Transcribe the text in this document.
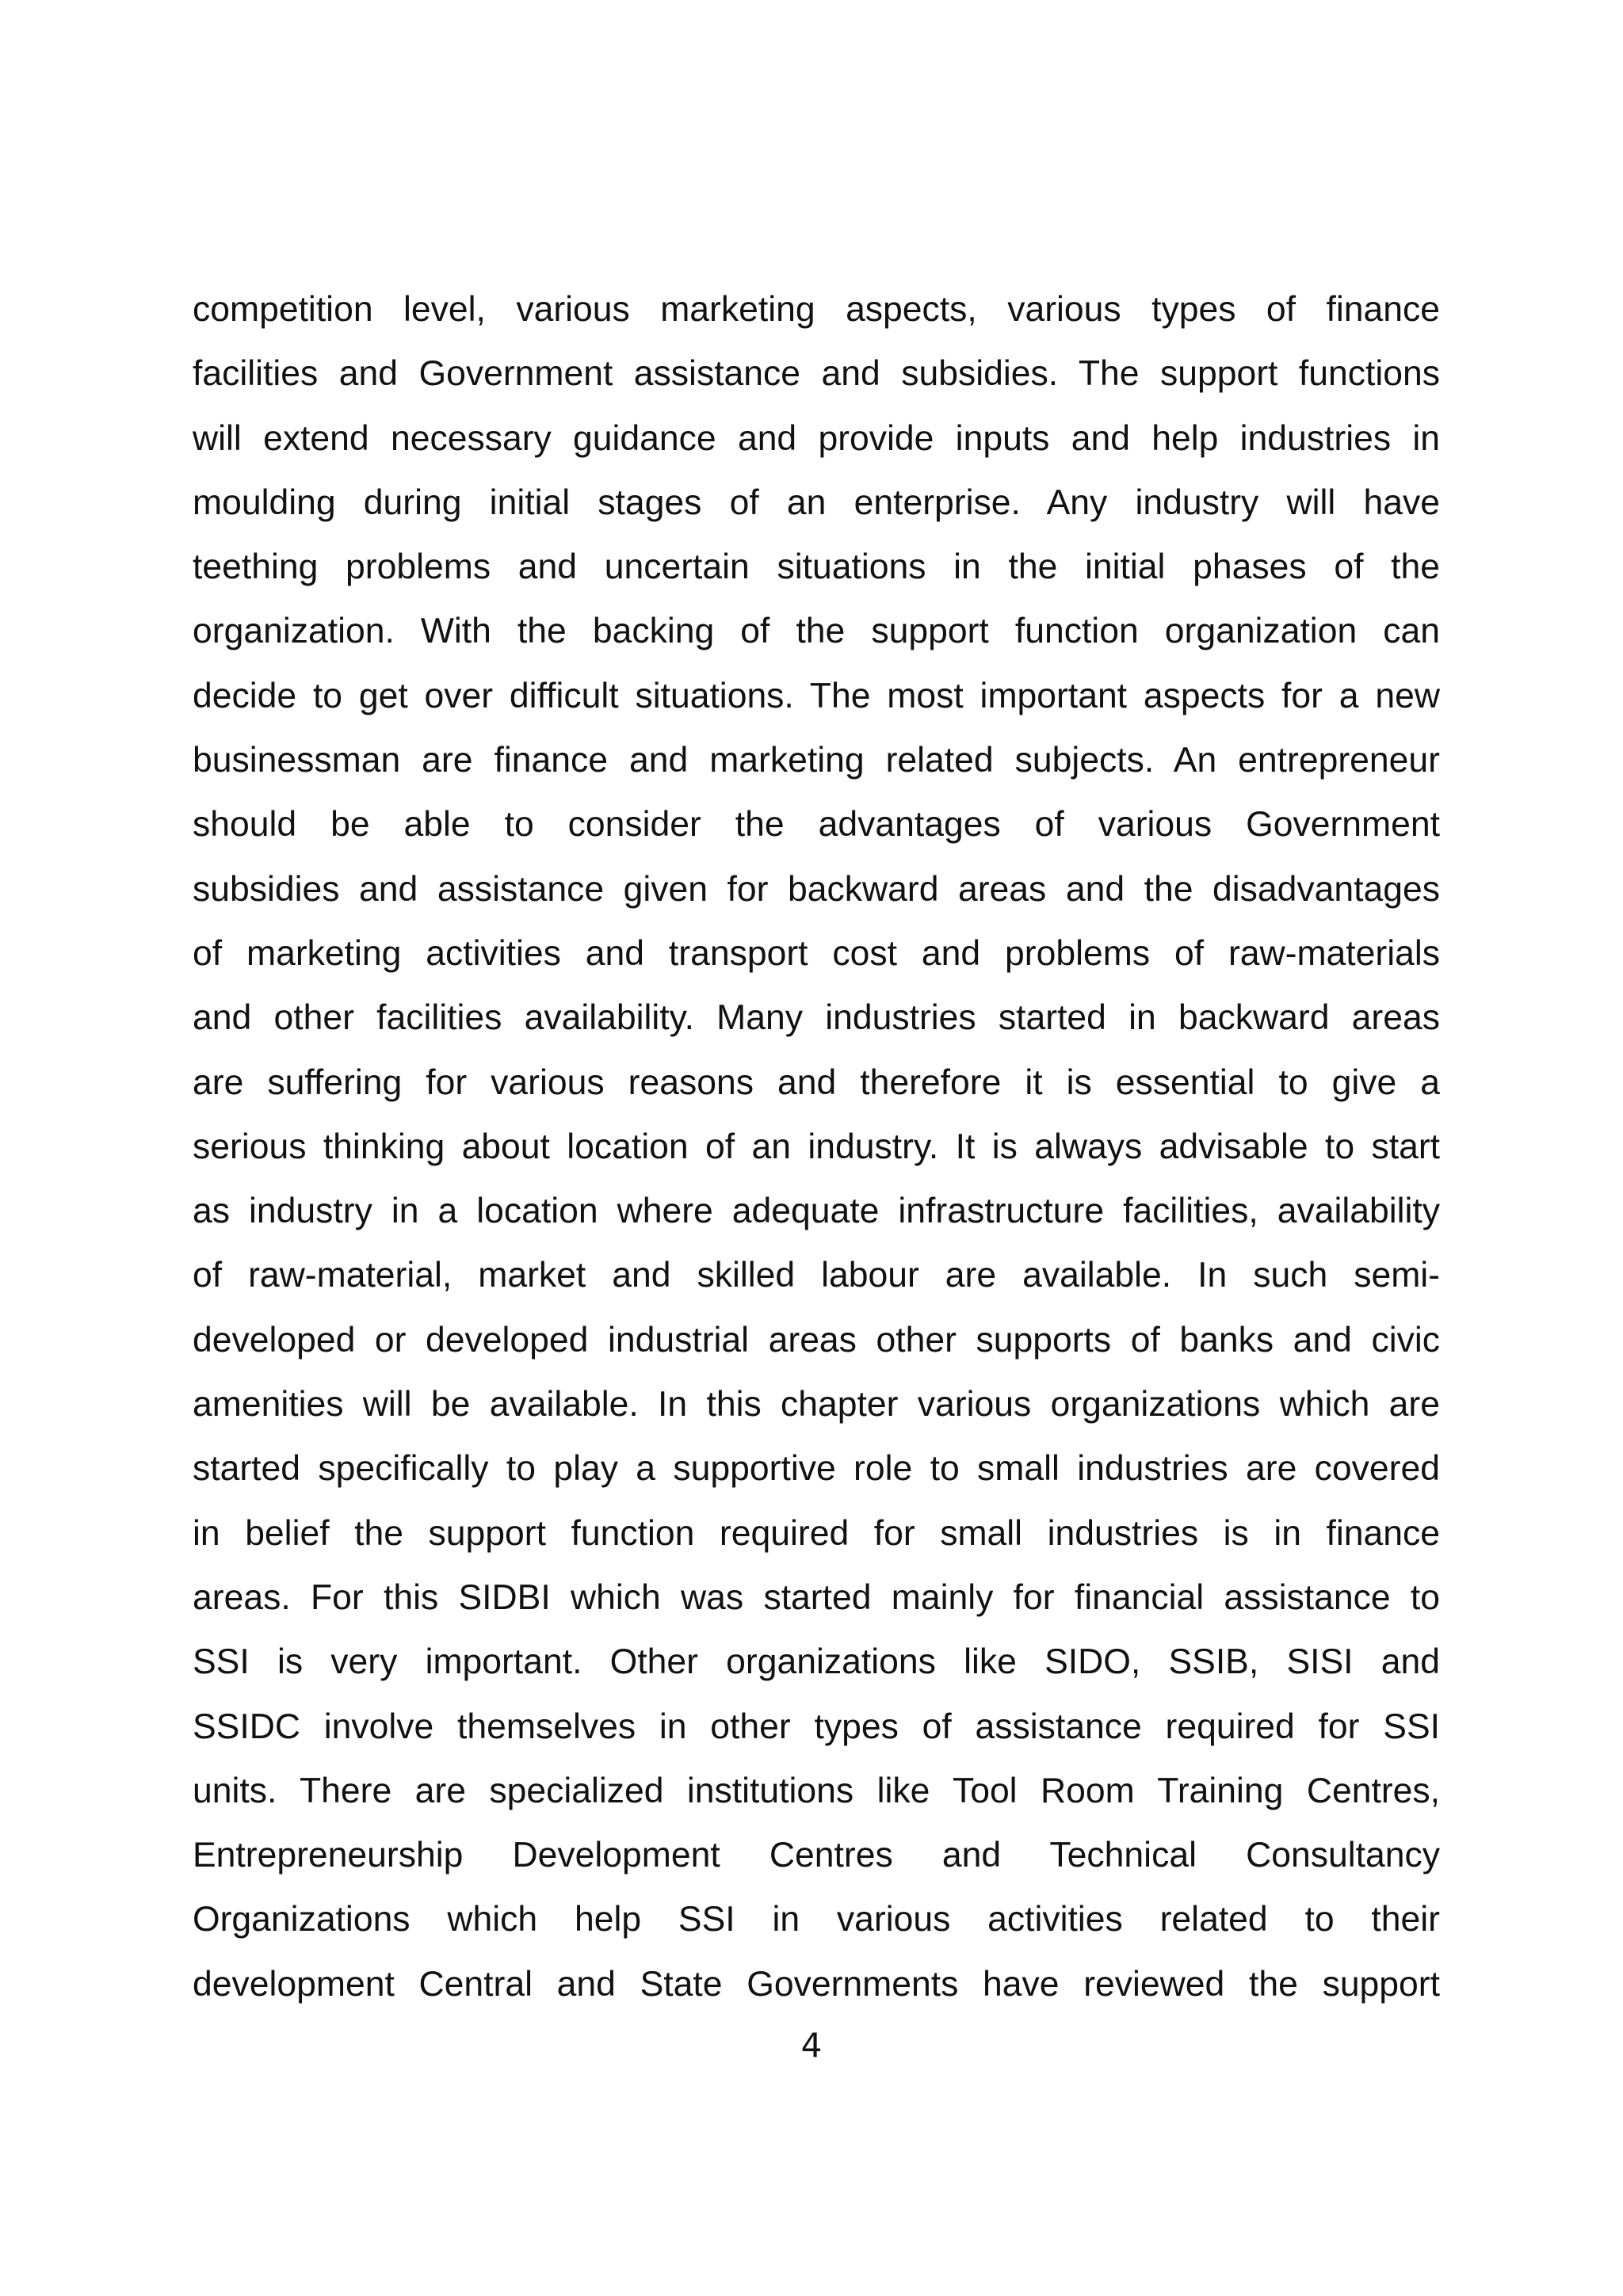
competition level, various marketing aspects, various types of finance
facilities and Government assistance and subsidies. The support functions
will extend necessary guidance and provide inputs and help industries in
moulding during initial stages of an enterprise. Any industry will have
teething problems and uncertain situations in the initial phases of the
organization. With the backing of the support function organization can
decide to get over difficult situations. The most important aspects for a new
businessman are finance and marketing related subjects. An entrepreneur
should be able to consider the advantages of various Government
subsidies and assistance given for backward areas and the disadvantages
of marketing activities and transport cost and problems of raw-materials
and other facilities availability. Many industries started in backward areas
are suffering for various reasons and therefore it is essential to give a
serious thinking about location of an industry. It is always advisable to start
as industry in a location where adequate infrastructure facilities, availability
of raw-material, market and skilled labour are available. In such semi-
developed or developed industrial areas other supports of banks and civic
amenities will be available. In this chapter various organizations which are
started specifically to play a supportive role to small industries are covered
in belief the support function required for small industries is in finance
areas. For this SIDBI which was started mainly for financial assistance to
SSI is very important. Other organizations like SIDO, SSIB, SISI and
SSIDC involve themselves in other types of assistance required for SSI
units. There are specialized institutions like Tool Room Training Centres,
Entrepreneurship Development Centres and Technical Consultancy
Organizations which help SSI in various activities related to their
development Central and State Governments have reviewed the support
4
